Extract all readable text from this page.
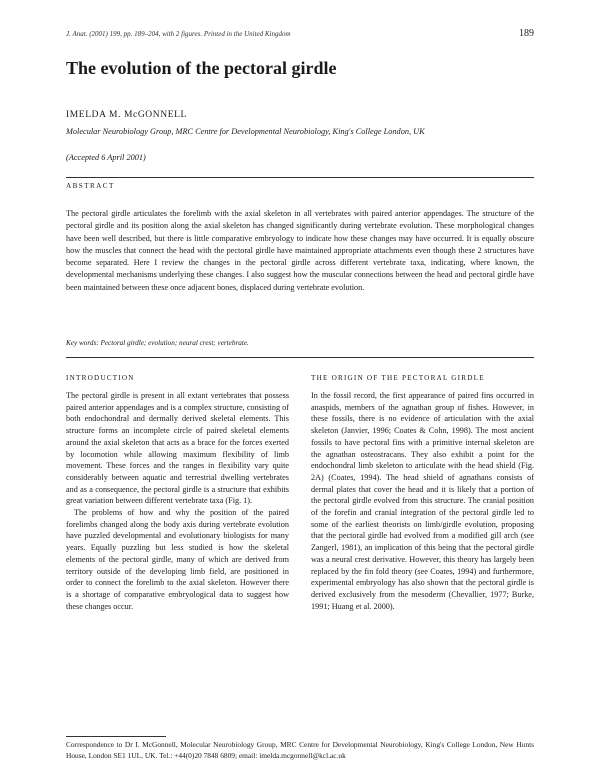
J. Anat. (2001) 199, pp. 189–204, with 2 figures. Printed in the United Kingdom	189
The evolution of the pectoral girdle
IMELDA M. McGONNELL
Molecular Neurobiology Group, MRC Centre for Developmental Neurobiology, King's College London, UK
(Accepted 6 April 2001)
ABSTRACT

The pectoral girdle articulates the forelimb with the axial skeleton in all vertebrates with paired anterior appendages. The structure of the pectoral girdle and its position along the axial skeleton has changed significantly during vertebrate evolution. These morphological changes have been well described, but there is little comparative embryology to indicate how these changes may have occurred. It is equally obscure how the muscles that connect the head with the pectoral girdle have maintained appropriate attachments even though these 2 structures have become separated. Here I review the changes in the pectoral girdle across different vertebrate taxa, indicating, where known, the developmental mechanisms underlying these changes. I also suggest how the muscular connections between the head and pectoral girdle have been maintained between these once adjacent bones, displaced during vertebrate evolution.

Key words: Pectoral girdle; evolution; neural crest; vertebrate.
INTRODUCTION

The pectoral girdle is present in all extant vertebrates that possess paired anterior appendages and is a complex structure, consisting of both endochondral and dermally derived skeletal elements. This structure forms an incomplete circle of paired skeletal elements around the axial skeleton that acts as a brace for the forces exerted by locomotion while allowing maximum flexibility of limb movement. These forces and the ranges in flexibility vary quite considerably between aquatic and terrestrial dwelling vertebrates and as a consequence, the pectoral girdle is a structure that exhibits great variation between different vertebrate taxa (Fig. 1).

The problems of how and why the position of the paired forelimbs changed along the body axis during vertebrate evolution have puzzled developmental and evolutionary biologists for many years. Equally puzzling but less studied is how the skeletal elements of the pectoral girdle, many of which are derived from territory outside of the developing limb field, are positioned in order to connect the forelimb to the axial skeleton. However there is a shortage of comparative embryological data to suggest how these changes occur.

THE ORIGIN OF THE PECTORAL GIRDLE

In the fossil record, the first appearance of paired fins occurred in anaspids, members of the agnathan group of fishes. However, in these fossils, there is no evidence of articulation with the axial skeleton (Janvier, 1996; Coates & Cohn, 1998). The most ancient fossils to have pectoral fins with a primitive internal skeleton are the agnathan osteostracans. They also exhibit a point for the endochondral limb skeleton to articulate with the head shield (Fig. 2A) (Coates, 1994). The head shield of agnathans consists of dermal plates that cover the head and it is likely that a portion of the pectoral girdle evolved from this structure. The cranial position of the forefin and cranial integration of the pectoral girdle led to some of the earliest theorists on limb/girdle evolution, proposing that the pectoral girdle had evolved from a modified gill arch (see Zangerl, 1981), an implication of this being that the pectoral girdle was a neural crest derivative. However, this theory has largely been replaced by the fin fold theory (see Coates, 1994) and furthermore, experimental embryology has also shown that the pectoral girdle is derived exclusively from the mesoderm (Chevallier, 1977; Burke, 1991; Huang et al. 2000).

Correspondence to Dr I. McGonnell, Molecular Neurobiology Group, MRC Centre for Developmental Neurobiology, King's College London, New Hunts House, London SE1 1UL, UK. Tel.: +44(0)20 7848 6809; email: imelda.mcgonnell@kcl.ac.uk
